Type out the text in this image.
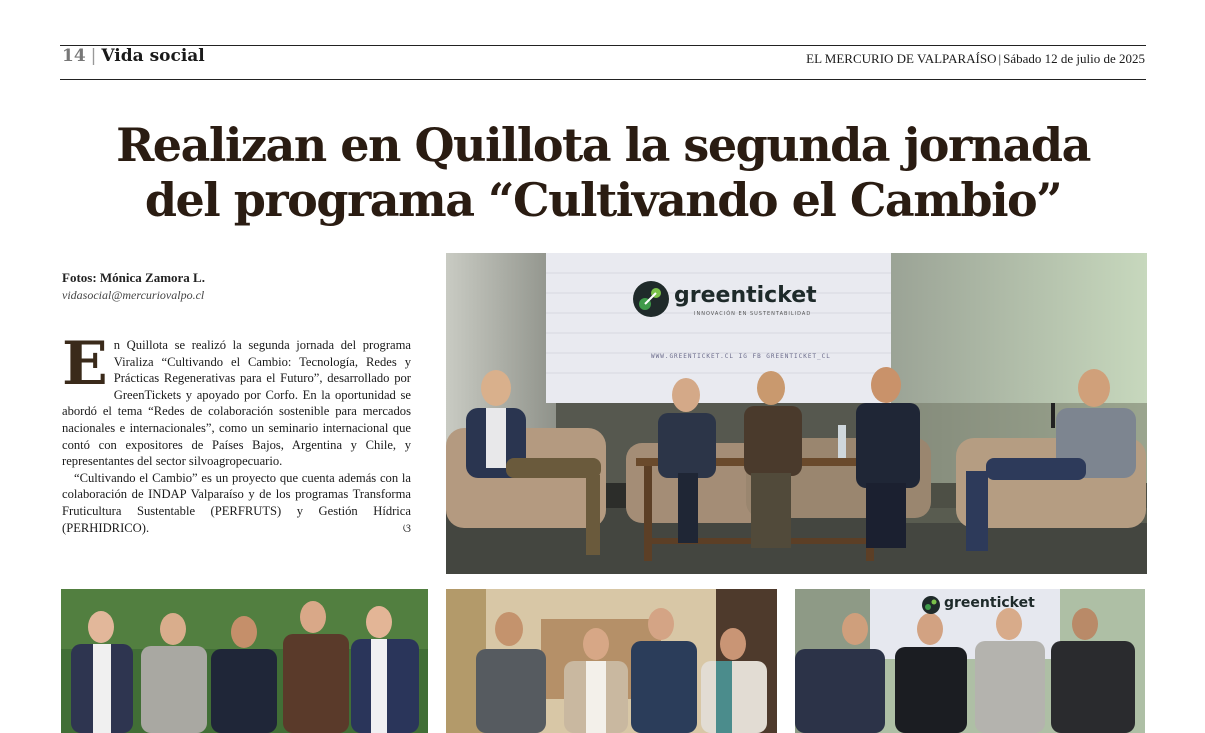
14 | Vida social	EL MERCURIO DE VALPARAÍSO | Sábado 12 de julio de 2025
Realizan en Quillota la segunda jornada
del programa “Cultivando el Cambio”
Fotos: Mónica Zamora L.
vidasocial@mercuriovalpo.cl

En Quillota se realizó la segunda jornada del programa Viraliza “Cultivando el Cambio: Tecnología, Redes y Prácticas Regenerativas para el Futuro”, desarrollado por GreenTickets y apoyado por Corfo. En la oportunidad se abordó el tema “Redes de colaboración sostenible para mercados nacionales e internacionales”, como un seminario internacional que contó con expositores de Países Bajos, Argentina y Chile, y representantes del sector silvoagropecuario.

“Cultivando el Cambio” es un proyecto que cuenta además con la colaboración de INDAP Valparaíso y de los programas Transforma Fruticultura Sustentable (PERFRUTS) y Gestión Hídrica (PERHIDRICO).	ଓ
greenticket
INNOVACIÓN EN SUSTENTABILIDAD
WWW.GREENTICKET.CL IG FB GREENTICKET_CL
greenticket
